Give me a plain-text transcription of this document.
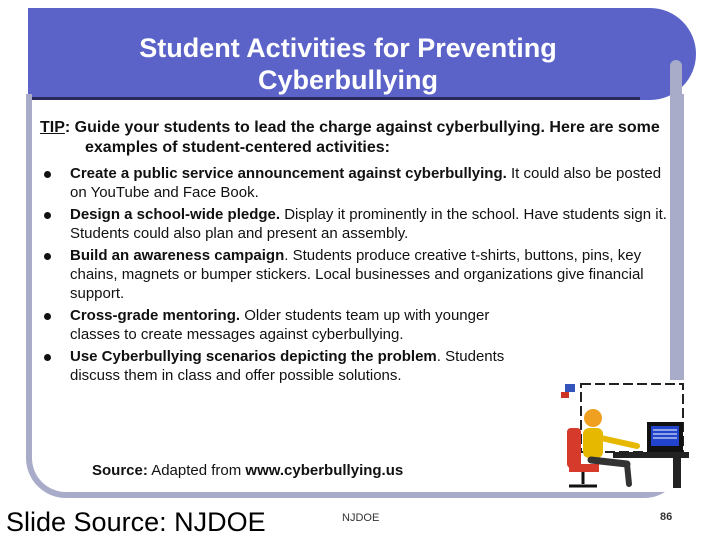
Student Activities for Preventing
Cyberbullying
TIP: Guide your students to lead the charge against cyberbullying. Here are some examples of student-centered activities:
Create a public service announcement against cyberbullying. It could also be posted on YouTube and Face Book.
Design a school-wide pledge. Display it prominently in the school. Have students sign it. Students could also plan and present an assembly.
Build an awareness campaign. Students produce creative t-shirts, buttons, pins, key chains, magnets or bumper stickers. Local businesses and organizations give financial support.
Cross-grade mentoring. Older students team up with younger classes to create messages against cyberbullying.
Use Cyberbullying scenarios depicting the problem. Students discuss them in class and offer possible solutions.
Source: Adapted from www.cyberbullying.us
Slide Source: NJDOE	NJDOE	86
